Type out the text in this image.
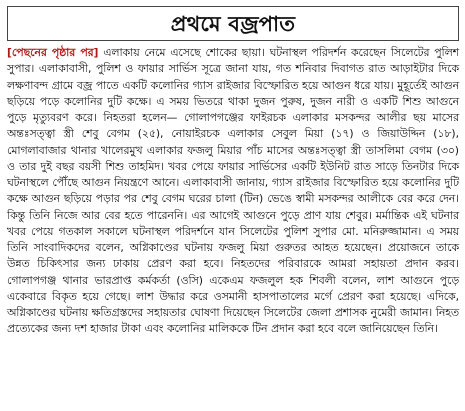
প্রথমে বজ্রপাত

[পেছনের পৃষ্ঠার পর] এলাকায় নেমে এসেছে শোকের ছায়া। ঘটনাস্থল পরিদর্শন করেছেন সিলেটের পুলিশ সুপার। এলাকাবাসী, পুলিশ ও ফায়ার সার্ভিস সূত্রে জানা যায়, গত শনিবার দিবাগত রাত আড়াইটার দিকে লক্ষণাবন্দ গ্রামে বজ্র পাতে একটি কলোনির গ্যাস রাইজার বিস্ফোরিত হয়ে আগুন ধরে যায়। মুহূর্তেই আগুন ছড়িয়ে পড়ে কলোনির দুটি কক্ষে। এ সময় ভিতরে থাকা দুজন পুরুষ, দুজন নারী ও একটি শিশু আগুনে পুড়ে মৃত্যুবরণ করে। নিহতরা হলেন— গোলাপগঞ্জের ফাইরচক এলাকার মসকন্দর আলীর ছয় মাসের অন্তঃসত্ত্বা স্ত্রী শেবু বেগম (২৫), নোয়াইরচক এলাকার সেবুল মিয়া (১৭) ও জিয়াউদ্দিন (১৮), মোগলাবাজার থানার খালেরমুখ এলাকার ফজলু মিয়ার পাঁচ মাসের অন্তঃসত্ত্বা স্ত্রী তাসলিমা বেগম (৩০) ও তার দুই বছর বয়সী শিশু তাহমিদ। খবর পেয়ে ফায়ার সার্ভিসের একটি ইউনিট রাত সাড়ে তিনটার দিকে ঘটনাস্থলে পৌঁছে আগুন নিয়ন্ত্রণে আনে। এলাকাবাসী জানায়, গ্যাস রাইজার বিস্ফোরিত হয়ে কলোনির দুটি কক্ষে আগুন ছড়িয়ে পড়ার পর শেবু বেগম ঘরের চালা (টিন) ভেঙে স্বামী মসকন্দর আলীকে বের করে দেন। কিন্তু তিনি নিজে আর বের হতে পারেননি। এর আগেই আগুনে পুড়ে প্রাণ যায় শেবুর। মর্মান্তিক এই ঘটনার খবর পেয়ে গতকাল সকালে ঘটনাস্থল পরিদর্শনে যান সিলেটের পুলিশ সুপার মো. মনিরুজ্জামান। এ সময় তিনি সাংবাদিকদের বলেন, অগ্নিকাণ্ডের ঘটনায় ফজলু মিয়া গুরুতর আহত হয়েছেন। প্রয়োজনে তাকে উন্নত চিকিৎসার জন্য ঢাকায় প্রেরণ করা হবে। নিহতদের পরিবারকে আমরা সহায়তা প্রদান করব। গোলাপগঞ্জ থানার ভারপ্রাপ্ত কর্মকর্তা (ওসি) একেএম ফজলুল হক শিবলী বলেন, লাশ আগুনে পুড়ে একেবারে বিকৃত হয়ে গেছে। লাশ উদ্ধার করে ওসমানী হাসপাতালের মর্গে প্রেরণ করা হয়েছে। এদিকে, অগ্নিকাণ্ডের ঘটনায় ক্ষতিগ্রস্তদের সহায়তার ঘোষণা দিয়েছেন সিলেটের জেলা প্রশাসক নুমেরী জামান। নিহত প্রত্যেকের জন্য দশ হাজার টাকা এবং কলোনির মালিককে টিন প্রদান করা হবে বলে জানিয়েছেন তিনি।
